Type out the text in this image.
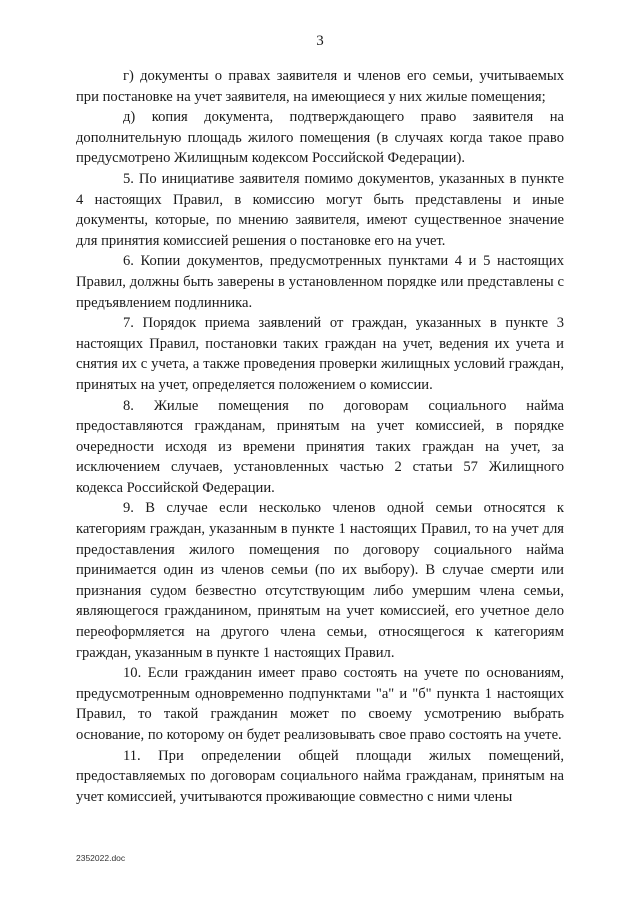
3

г) документы о правах заявителя и членов его семьи, учитываемых при постановке на учет заявителя, на имеющиеся у них жилые помещения;

д) копия документа, подтверждающего право заявителя на дополнительную площадь жилого помещения (в случаях когда такое право предусмотрено Жилищным кодексом Российской Федерации).

5. По инициативе заявителя помимо документов, указанных в пункте 4 настоящих Правил, в комиссию могут быть представлены и иные документы, которые, по мнению заявителя, имеют существенное значение для принятия комиссией решения о постановке его на учет.

6. Копии документов, предусмотренных пунктами 4 и 5 настоящих Правил, должны быть заверены в установленном порядке или представлены с предъявлением подлинника.

7. Порядок приема заявлений от граждан, указанных в пункте 3 настоящих Правил, постановки таких граждан на учет, ведения их учета и снятия их с учета, а также проведения проверки жилищных условий граждан, принятых на учет, определяется положением о комиссии.

8. Жилые помещения по договорам социального найма предоставляются гражданам, принятым на учет комиссией, в порядке очередности исходя из времени принятия таких граждан на учет, за исключением случаев, установленных частью 2 статьи 57 Жилищного кодекса Российской Федерации.

9. В случае если несколько членов одной семьи относятся к категориям граждан, указанным в пункте 1 настоящих Правил, то на учет для предоставления жилого помещения по договору социального найма принимается один из членов семьи (по их выбору). В случае смерти или признания судом безвестно отсутствующим либо умершим члена семьи, являющегося гражданином, принятым на учет комиссией, его учетное дело переоформляется на другого члена семьи, относящегося к категориям граждан, указанным в пункте 1 настоящих Правил.

10. Если гражданин имеет право состоять на учете по основаниям, предусмотренным одновременно подпунктами "а" и "б" пункта 1 настоящих Правил, то такой гражданин может по своему усмотрению выбрать основание, по которому он будет реализовывать свое право состоять на учете.

11. При определении общей площади жилых помещений, предоставляемых по договорам социального найма гражданам, принятым на учет комиссией, учитываются проживающие совместно с ними члены

2352022.doc
